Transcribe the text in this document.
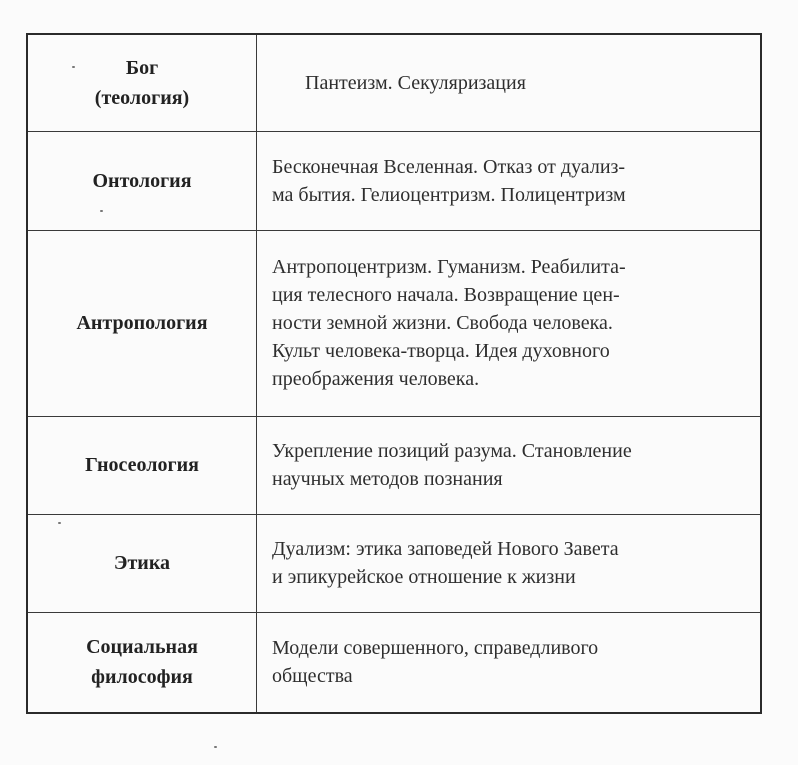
Бог
(теология)	Пантеизм. Секуляризация

Онтология	Бесконечная Вселенная. Отказ от дуализ-
ма бытия. Гелиоцентризм. Полицентризм

Антропология	Антропоцентризм. Гуманизм. Реабилита-
ция телесного начала. Возвращение цен-
ности земной жизни. Свобода человека.
Культ человека-творца. Идея духовного
преображения человека.

Гносеология	Укрепление позиций разума. Становление
научных методов познания

Этика	Дуализм: этика заповедей Нового Завета
и эпикурейское отношение к жизни

Социальная
философия	Модели совершенного, справедливого
общества
